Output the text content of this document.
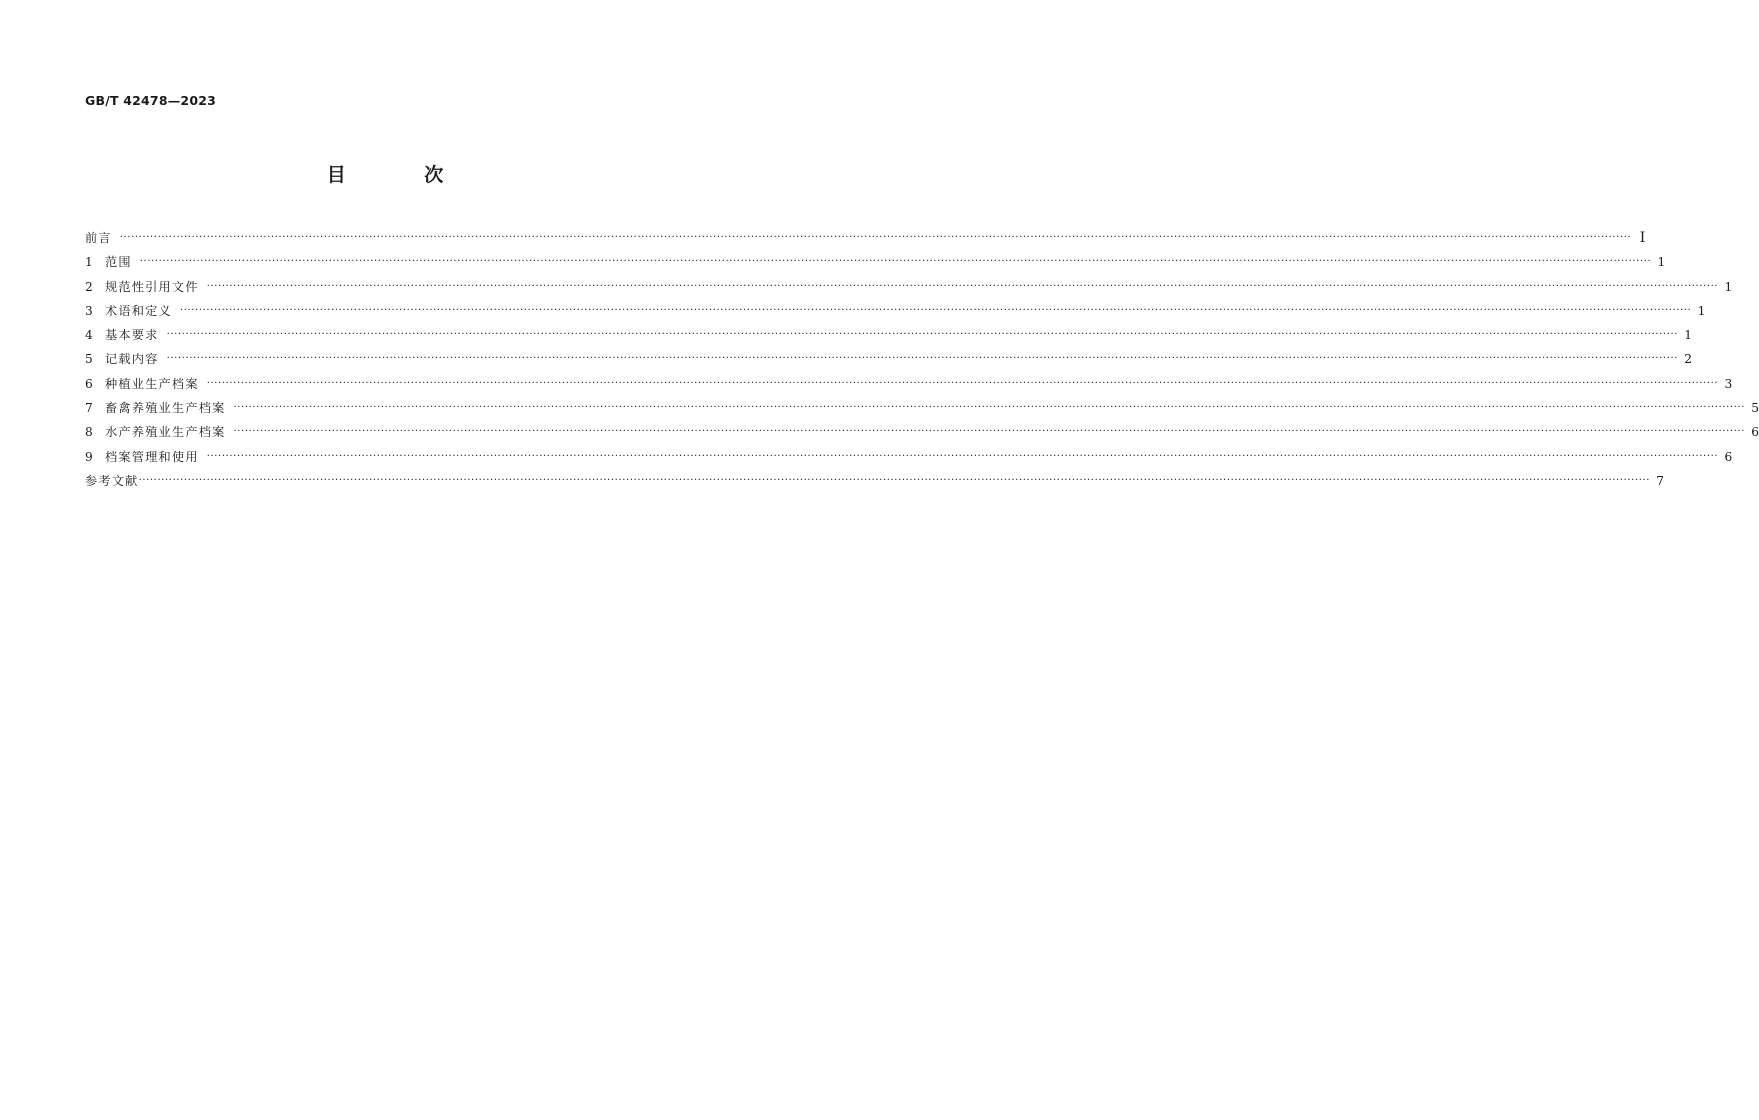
GB/T 42478—2023
目 次
前言 ················································································································································································································································································································································································································ Ⅰ
1	范围 ················································································································································································································································································································································································································ 1
2	规范性引用文件 ················································································································································································································································································································································································································ 1
3	术语和定义 ················································································································································································································································································································································································································ 1
4	基本要求 ················································································································································································································································································································································································································ 1
5	记载内容 ················································································································································································································································································································································································································ 2
6	种植业生产档案 ················································································································································································································································································································································································································ 3
7	畜禽养殖业生产档案 ················································································································································································································································································································································································································ 5
8	水产养殖业生产档案 ················································································································································································································································································································································································································ 6
9	档案管理和使用 ················································································································································································································································································································································································································ 6
参考文献 ················································································································································································································································································································································································································ 7
